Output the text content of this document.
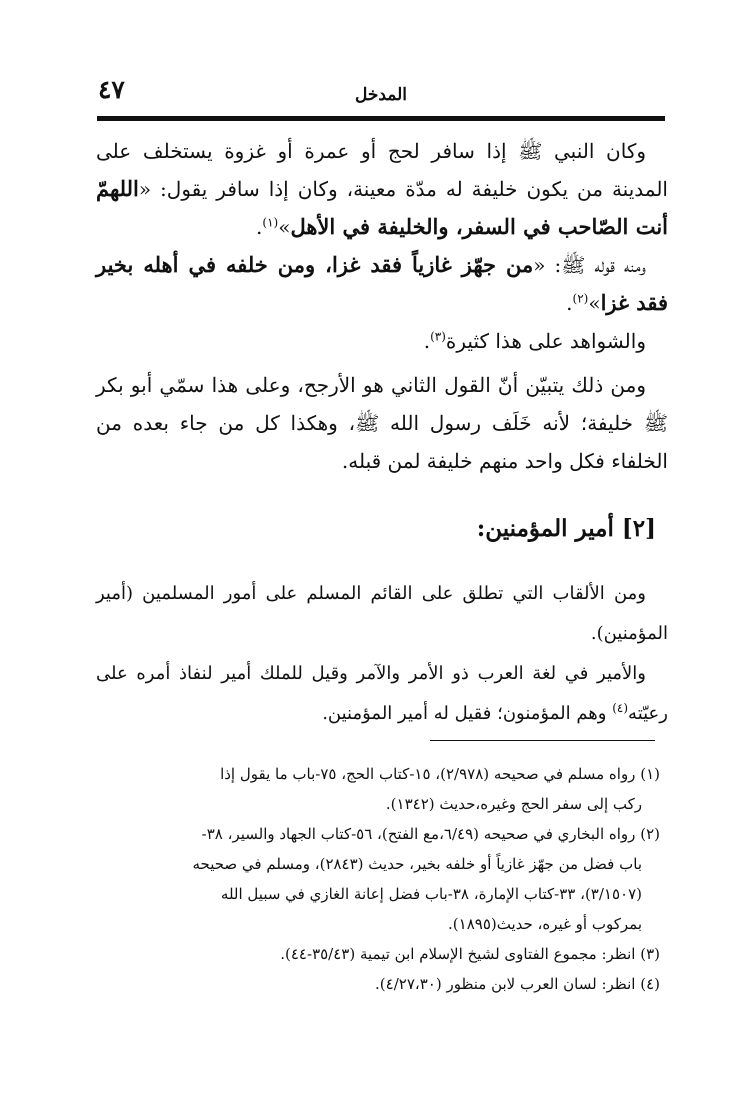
٤٧	المدخل

وكان النبي ﷺ إذا سافر لحج أو عمرة أو غزوة يستخلف على المدينة من يكون خليفة له مدّة معينة، وكان إذا سافر يقول: «اللهمّ أنت الصّاحب في السفر، والخليفة في الأهل»$^{(١)}$.

ومنه قوله ﷺ: «من جهّز غازياً فقد غزا، ومن خلفه في أهله بخير فقد غزا»$^{(٢)}$.

والشواهد على هذا كثيرة$^{(٣)}$.

ومن ذلك يتبيّن أنّ القول الثاني هو الأرجح، وعلى هذا سمّي أبو بكر ﷺ خليفة؛ لأنه خَلَف رسول الله ﷺ، وهكذا كل من جاء بعده من الخلفاء فكل واحد منهم خليفة لمن قبله.

[٢] أمير المؤمنين:

ومن الألقاب التي تطلق على القائم المسلم على أمور المسلمين (أمير المؤمنين).

والأمير في لغة العرب ذو الأمر والآمر وقيل للملك أمير لنفاذ أمره على رعيّته$^{(٤)}$ وهم المؤمنون؛ فقيل له أمير المؤمنين.

(١) رواه مسلم في صحيحه (٢/٩٧٨)، ١٥-كتاب الحج، ٧٥-باب ما يقول إذا

ركب إلى سفر الحج وغيره،حديث (١٣٤٢).

(٢) رواه البخاري في صحيحه (٦/٤٩،مع الفتح)، ٥٦-كتاب الجهاد والسير، ٣٨-

باب فضل من جهّز غازياً أو خلفه بخير، حديث (٢٨٤٣)، ومسلم في صحيحه

(٣/١٥٠٧)، ٣٣-كتاب الإمارة، ٣٨-باب فضل إعانة الغازي في سبيل الله

بمركوب أو غيره، حديث(١٨٩٥).

(٣) انظر: مجموع الفتاوى لشيخ الإسلام ابن تيمية (٣٥/٤٣-٤٤).

(٤) انظر: لسان العرب لابن منظور (٤/٢٧،٣٠).
